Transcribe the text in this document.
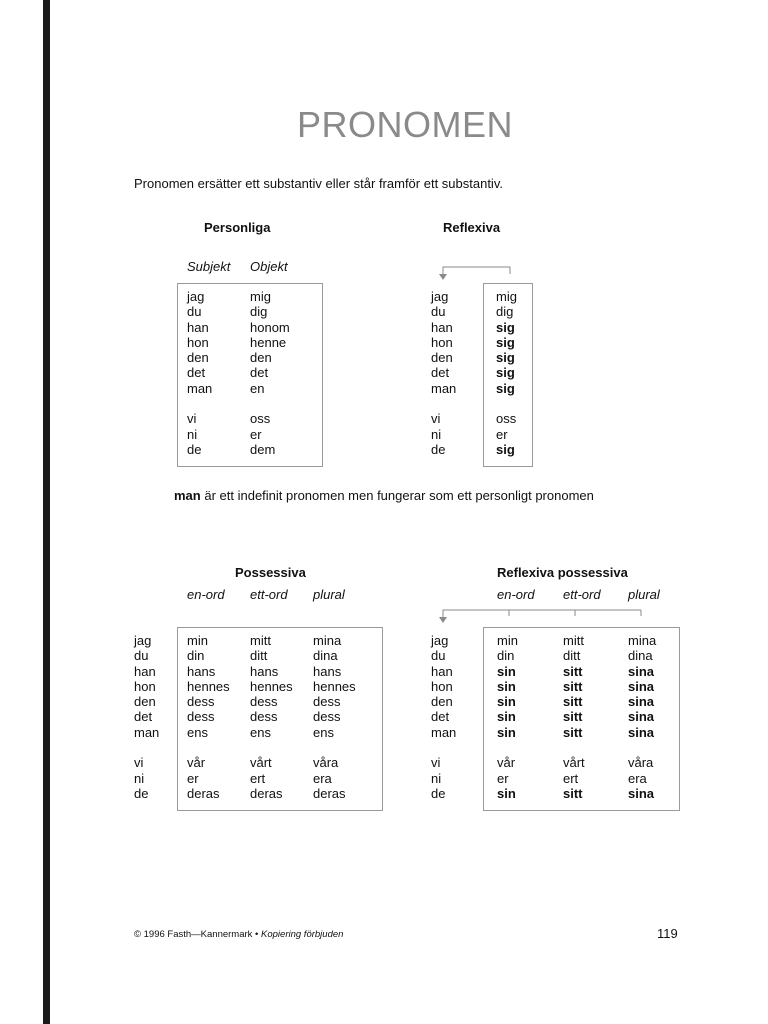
PRONOMEN
Pronomen ersätter ett substantiv eller står framför ett substantiv.
Personliga
Subjekt Objekt
jag
du
han
hon
den
det
man
vi
ni
de
mig
dig
honom
henne
den
det
en
oss
er
dem
Reflexiva
jag
du
han
hon
den
det
man
vi
ni
de
mig
dig
sig
sig
sig
sig
sig
oss
er
sig
man är ett indefinit pronomen men fungerar som ett personligt pronomen
Possessiva
en-ord ett-ord plural
jag
du
han
hon
den
det
man
vi
ni
de
min
din
hans
hennes
dess
dess
ens
vår
er
deras
mitt
ditt
hans
hennes
dess
dess
ens
vårt
ert
deras
mina
dina
hans
hennes
dess
dess
ens
våra
era
deras
Reflexiva possessiva
en-ord ett-ord plural
jag
du
han
hon
den
det
man
vi
ni
de
min
din
sin
sin
sin
sin
sin
vår
er
sin
mitt
ditt
sitt
sitt
sitt
sitt
sitt
vårt
ert
sitt
mina
dina
sina
sina
sina
sina
sina
våra
era
sina
© 1996 Fasth—Kannermark • Kopiering förbjuden	119
